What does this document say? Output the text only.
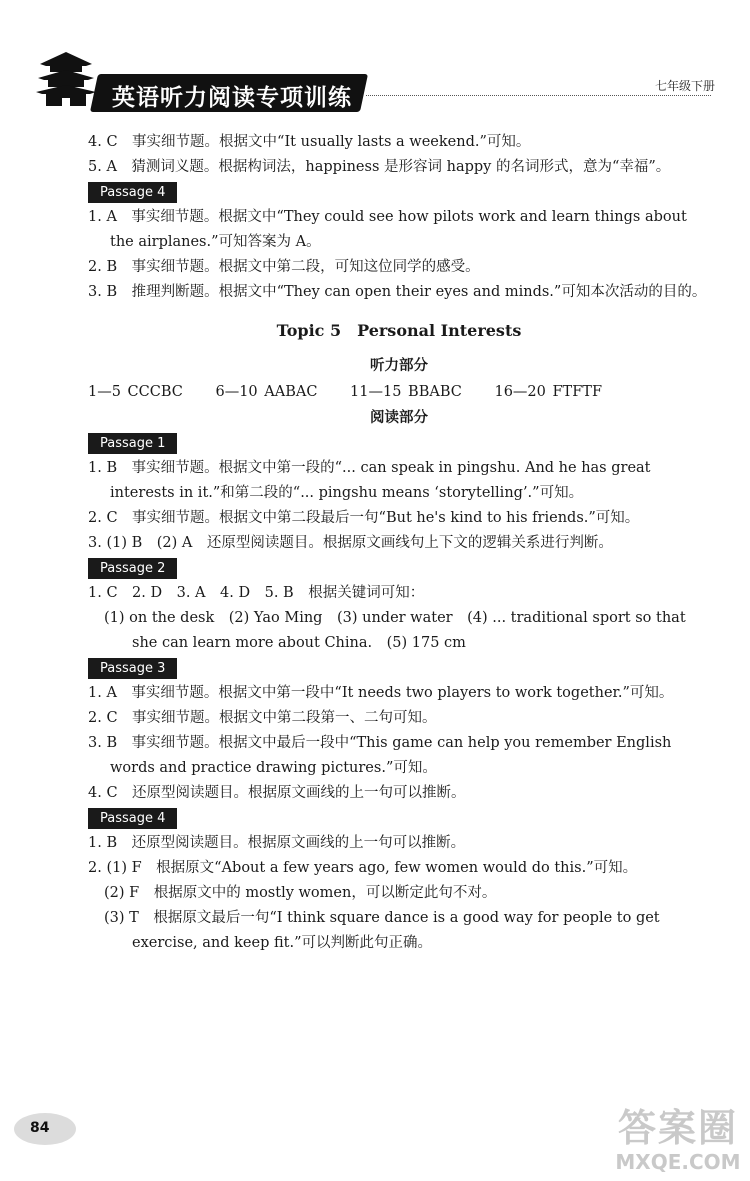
英语听力阅读专项训练	七年级下册
4. C　事实细节题。根据文中“It usually lasts a weekend.”可知。
5. A　猜测词义题。根据构词法，happiness 是形容词 happy 的名词形式，意为“幸福”。
Passage 4
1. A　事实细节题。根据文中“They could see how pilots work and learn things about the airplanes.”可知答案为 A。
2. B　事实细节题。根据文中第二段，可知这位同学的感受。
3. B　推理判断题。根据文中“They can open their eyes and minds.”可知本次活动的目的。
Topic 5　Personal Interests
听力部分
1—5 CCCBC 6—10 AABAC 11—15 BBABC 16—20 FTFTF
阅读部分
Passage 1
1. B　事实细节题。根据文中第一段的“... can speak in pingshu. And he has great interests in it.”和第二段的“... pingshu means ‘storytelling’.”可知。
2. C　事实细节题。根据文中第二段最后一句“But he's kind to his friends.”可知。
3. (1) B　(2) A　还原型阅读题目。根据原文画线句上下文的逻辑关系进行判断。
Passage 2
1. C　2. D　3. A　4. D　5. B　根据关键词可知：
(1) on the desk　(2) Yao Ming　(3) under water　(4) ... traditional sport so that she can learn more about China.　(5) 175 cm
Passage 3
1. A　事实细节题。根据文中第一段中“It needs two players to work together.”可知。
2. C　事实细节题。根据文中第二段第一、二句可知。
3. B　事实细节题。根据文中最后一段中“This game can help you remember English words and practice drawing pictures.”可知。
4. C　还原型阅读题目。根据原文画线的上一句可以推断。
Passage 4
1. B　还原型阅读题目。根据原文画线的上一句可以推断。
2. (1) F　根据原文“About a few years ago, few women would do this.”可知。
(2) F　根据原文中的 mostly women，可以断定此句不对。
(3) T　根据原文最后一句“I think square dance is a good way for people to get exercise, and keep fit.”可以判断此句正确。
84	答案圈
MXQE.COM
